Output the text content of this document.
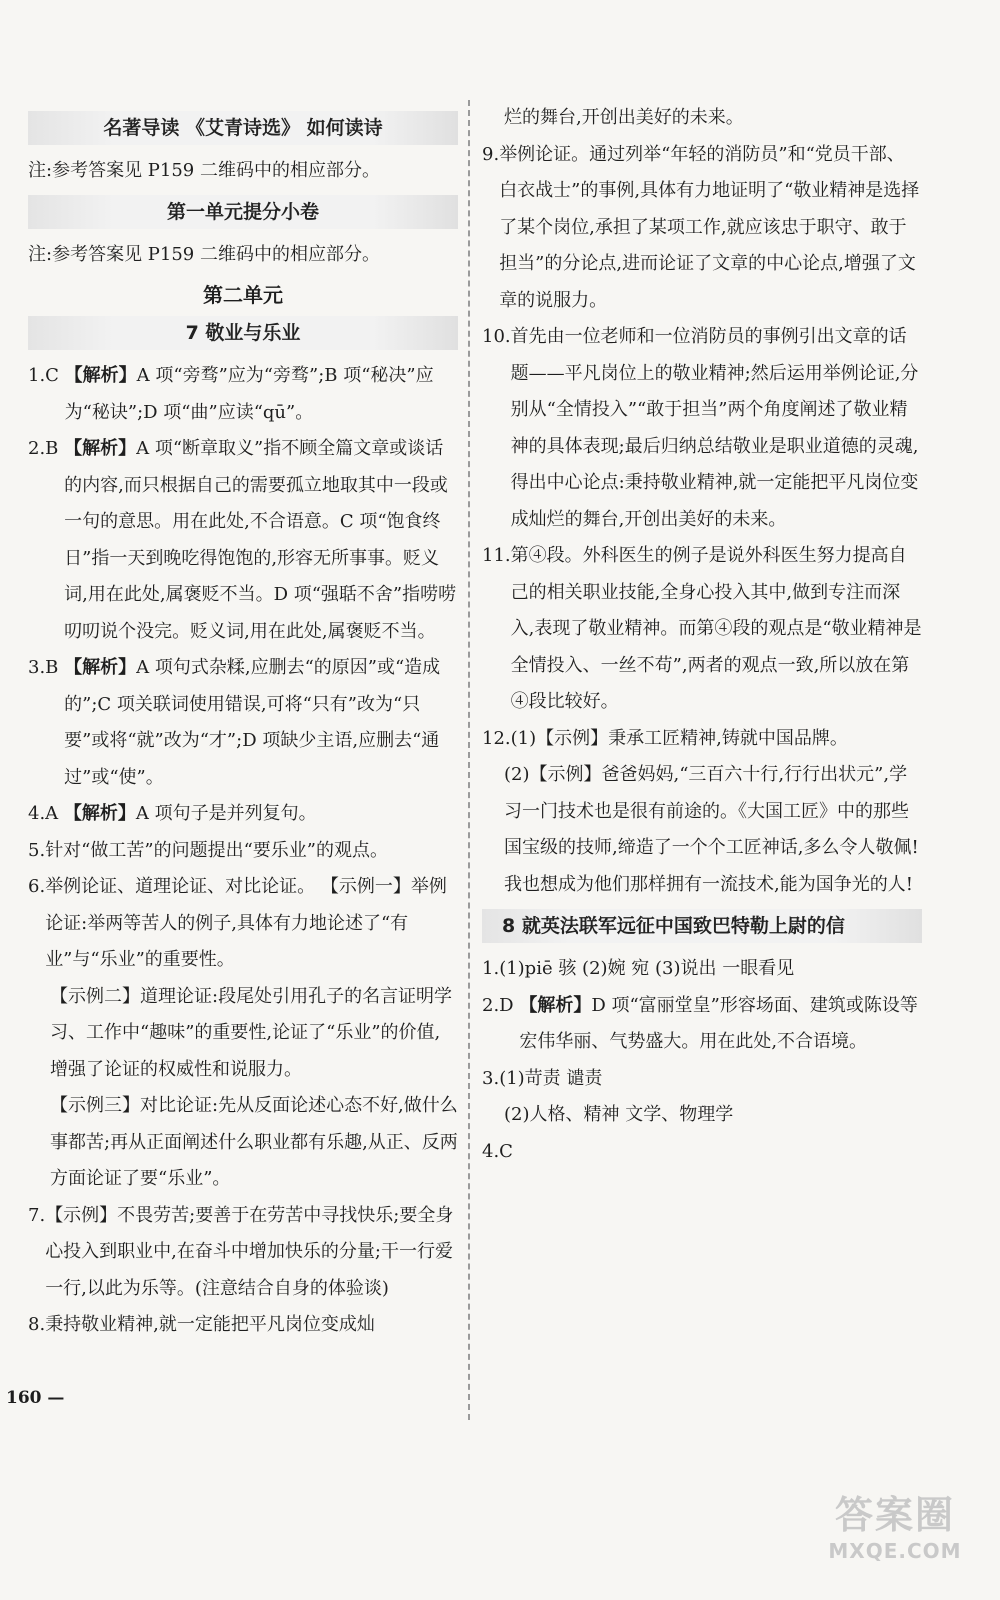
名著导读 《艾青诗选》 如何读诗
注:参考答案见 P159 二维码中的相应部分。
第一单元提分小卷
注:参考答案见 P159 二维码中的相应部分。
第二单元
7 敬业与乐业
1.C 【解析】A 项“旁骛”应为“旁骛”;B 项“秘决”应为“秘诀”;D 项“曲”应读“qū”。
2.B 【解析】A 项“断章取义”指不顾全篇文章或谈话的内容,而只根据自己的需要孤立地取其中一段或一句的意思。用在此处,不合语意。C 项“饱食终日”指一天到晚吃得饱饱的,形容无所事事。贬义词,用在此处,属褒贬不当。D 项“强聒不舍”指唠唠叨叨说个没完。贬义词,用在此处,属褒贬不当。
3.B 【解析】A 项句式杂糅,应删去“的原因”或“造成的”;C 项关联词使用错误,可将“只有”改为“只要”或将“就”改为“才”;D 项缺少主语,应删去“通过”或“使”。
4.A 【解析】A 项句子是并列复句。
5. 针对“做工苦”的问题提出“要乐业”的观点。
6. 举例论证、道理论证、对比论证。 【示例一】举例论证:举两等苦人的例子,具体有力地论述了“有业”与“乐业”的重要性。
【示例二】道理论证:段尾处引用孔子的名言证明学习、工作中“趣味”的重要性,论证了“乐业”的价值,增强了论证的权威性和说服力。
【示例三】对比论证:先从反面论述心态不好,做什么事都苦;再从正面阐述什么职业都有乐趣,从正、反两方面论证了要“乐业”。
7. 【示例】不畏劳苦;要善于在劳苦中寻找快乐;要全身心投入到职业中,在奋斗中增加快乐的分量;干一行爱一行,以此为乐等。(注意结合自身的体验谈)
8. 秉持敬业精神,就一定能把平凡岗位变成灿
烂的舞台,开创出美好的未来。
9. 举例论证。通过列举“年轻的消防员”和“党员干部、白衣战士”的事例,具体有力地证明了“敬业精神是选择了某个岗位,承担了某项工作,就应该忠于职守、敢于担当”的分论点,进而论证了文章的中心论点,增强了文章的说服力。
10. 首先由一位老师和一位消防员的事例引出文章的话题——平凡岗位上的敬业精神;然后运用举例论证,分别从“全情投入”“敢于担当”两个角度阐述了敬业精神的具体表现;最后归纳总结敬业是职业道德的灵魂,得出中心论点:秉持敬业精神,就一定能把平凡岗位变成灿烂的舞台,开创出美好的未来。
11. 第④段。外科医生的例子是说外科医生努力提高自己的相关职业技能,全身心投入其中,做到专注而深入,表现了敬业精神。而第④段的观点是“敬业精神是全情投入、一丝不苟”,两者的观点一致,所以放在第④段比较好。
12. (1)【示例】秉承工匠精神,铸就中国品牌。
(2)【示例】爸爸妈妈,“三百六十行,行行出状元”,学习一门技术也是很有前途的。《大国工匠》中的那些国宝级的技师,缔造了一个个工匠神话,多么令人敬佩!我也想成为他们那样拥有一流技术,能为国争光的人!
8 就英法联军远征中国致巴特勒上尉的信
1. (1)piē 骇 (2)婉 宛 (3)说出 一眼看见
2.D 【解析】D 项“富丽堂皇”形容场面、建筑或陈设等宏伟华丽、气势盛大。用在此处,不合语境。
3. (1)苛责 谴责
(2)人格、精神 文学、物理学
4.C
160 —
答案圈
MXQE.COM
